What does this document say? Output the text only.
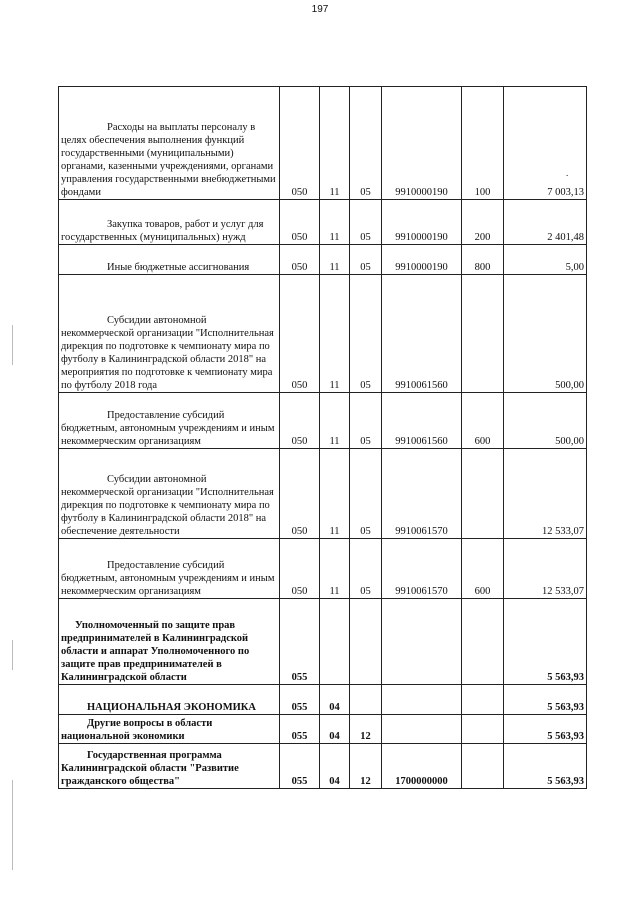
197
Расходы на выплаты персоналу в целях обеспечения выполнения функций государственными (муниципальными) органами, казенными учреждениями, органами управления государственными внебюджетными фондами	050	11	05	9910000190	100	7 003,13
Закупка товаров, работ и услуг для государственных (муниципальных) нужд	050	11	05	9910000190	200	2 401,48
Иные бюджетные ассигнования	050	11	05	9910000190	800	5,00
Субсидии автономной некоммерческой организации "Исполнительная дирекция по подготовке к чемпионату мира по футболу в Калининградской области 2018" на мероприятия по подготовке к чемпионату мира по футболу 2018 года	050	11	05	9910061560		500,00
Предоставление субсидий бюджетным, автономным учреждениям и иным некоммерческим организациям	050	11	05	9910061560	600	500,00
Субсидии автономной некоммерческой организации "Исполнительная дирекция по подготовке к чемпионату мира по футболу в Калининградской области 2018" на обеспечение деятельности	050	11	05	9910061570		12 533,07
Предоставление субсидий бюджетным, автономным учреждениям и иным некоммерческим организациям	050	11	05	9910061570	600	12 533,07
Уполномоченный по защите прав предпринимателей в Калининградской области и аппарат Уполномоченного по защите прав предпринимателей в Калининградской области	055					5 563,93
НАЦИОНАЛЬНАЯ ЭКОНОМИКА	055	04				5 563,93
Другие вопросы в области национальной экономики	055	04	12			5 563,93
Государственная программа Калининградской области "Развитие гражданского общества"	055	04	12	1700000000		5 563,93
.
